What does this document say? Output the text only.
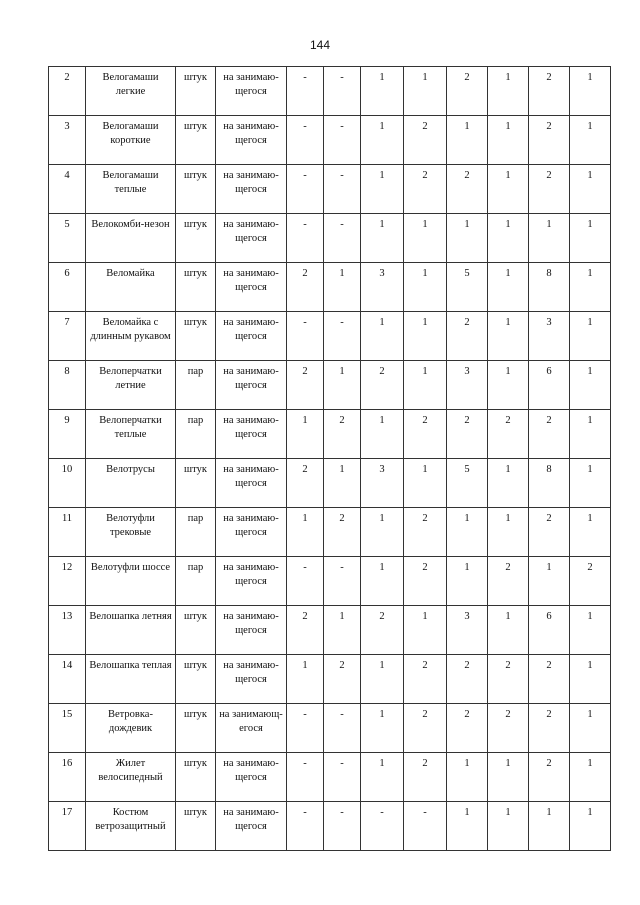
144
2	Велогамаши легкие	штук	на занимаю-щегося	-	-	1	1	2	1	2	1
3	Велогамаши короткие	штук	на занимаю-щегося	-	-	1	2	1	1	2	1
4	Велогамаши теплые	штук	на занимаю-щегося	-	-	1	2	2	1	2	1
5	Велокомби-незон	штук	на занимаю-щегося	-	-	1	1	1	1	1	1
6	Веломайка	штук	на занимаю-щегося	2	1	3	1	5	1	8	1
7	Веломайка с длинным рукавом	штук	на занимаю-щегося	-	-	1	1	2	1	3	1
8	Велоперчатки летние	пар	на занимаю-щегося	2	1	2	1	3	1	6	1
9	Велоперчатки теплые	пар	на занимаю-щегося	1	2	1	2	2	2	2	1
10	Велотрусы	штук	на занимаю-щегося	2	1	3	1	5	1	8	1
11	Велотуфли трековые	пар	на занимаю-щегося	1	2	1	2	1	1	2	1
12	Велотуфли шоссе	пар	на занимаю-щегося	-	-	1	2	1	2	1	2
13	Велошапка летняя	штук	на занимаю-щегося	2	1	2	1	3	1	6	1
14	Велошапка теплая	штук	на занимаю-щегося	1	2	1	2	2	2	2	1
15	Ветровка-дождевик	штук	на занимающ-егося	-	-	1	2	2	2	2	1
16	Жилет велосипедный	штук	на занимаю-щегося	-	-	1	2	1	1	2	1
17	Костюм ветрозащитный	штук	на занимаю-щегося	-	-	-	-	1	1	1	1
